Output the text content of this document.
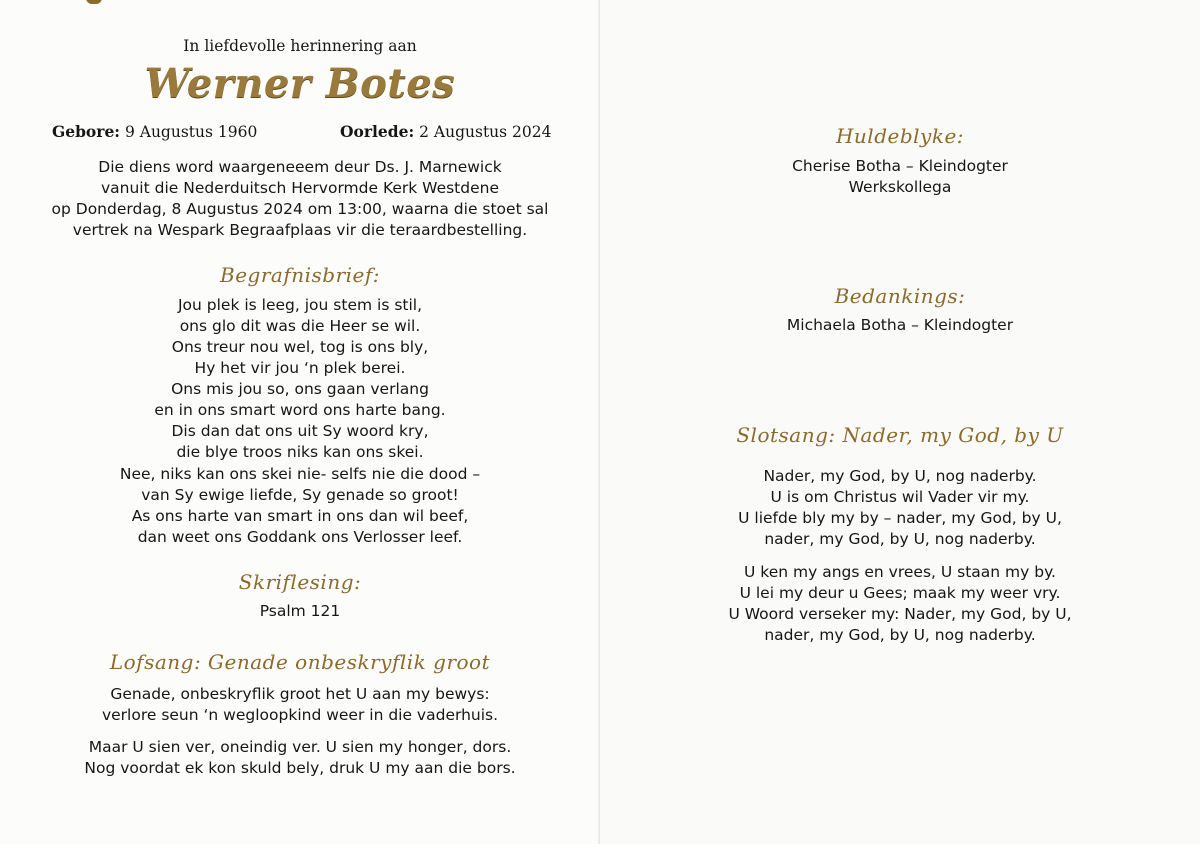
In liefdevolle herinnering aan
Werner Botes
Gebore: 9 Augustus 1960	Oorlede: 2 Augustus 2024
Die diens word waargeneeem deur Ds. J. Marnewick
vanuit die Nederduitsch Hervormde Kerk Westdene
op Donderdag, 8 Augustus 2024 om 13:00, waarna die stoet sal
vertrek na Wespark Begraafplaas vir die teraardbestelling.
Begrafnisbrief:
Jou plek is leeg, jou stem is stil,
ons glo dit was die Heer se wil.
Ons treur nou wel, tog is ons bly,
Hy het vir jou ‘n plek berei.
Ons mis jou so, ons gaan verlang
en in ons smart word ons harte bang.
Dis dan dat ons uit Sy woord kry,
die blye troos niks kan ons skei.
Nee, niks kan ons skei nie- selfs nie die dood –
van Sy ewige liefde, Sy genade so groot!
As ons harte van smart in ons dan wil beef,
dan weet ons Goddank ons Verlosser leef.
Skriflesing:
Psalm 121
Lofsang: Genade onbeskryflik groot
Genade, onbeskryflik groot het U aan my bewys:
verlore seun ‘n wegloopkind weer in die vaderhuis.
Maar U sien ver, oneindig ver. U sien my honger, dors.
Nog voordat ek kon skuld bely, druk U my aan die bors.
Huldeblyke:
Cherise Botha – Kleindogter
Werkskollega
Bedankings:
Michaela Botha – Kleindogter
Slotsang: Nader, my God, by U
Nader, my God, by U, nog naderby.
U is om Christus wil Vader vir my.
U liefde bly my by – nader, my God, by U,
nader, my God, by U, nog naderby.
U ken my angs en vrees, U staan my by.
U lei my deur u Gees; maak my weer vry.
U Woord verseker my: Nader, my God, by U,
nader, my God, by U, nog naderby.
